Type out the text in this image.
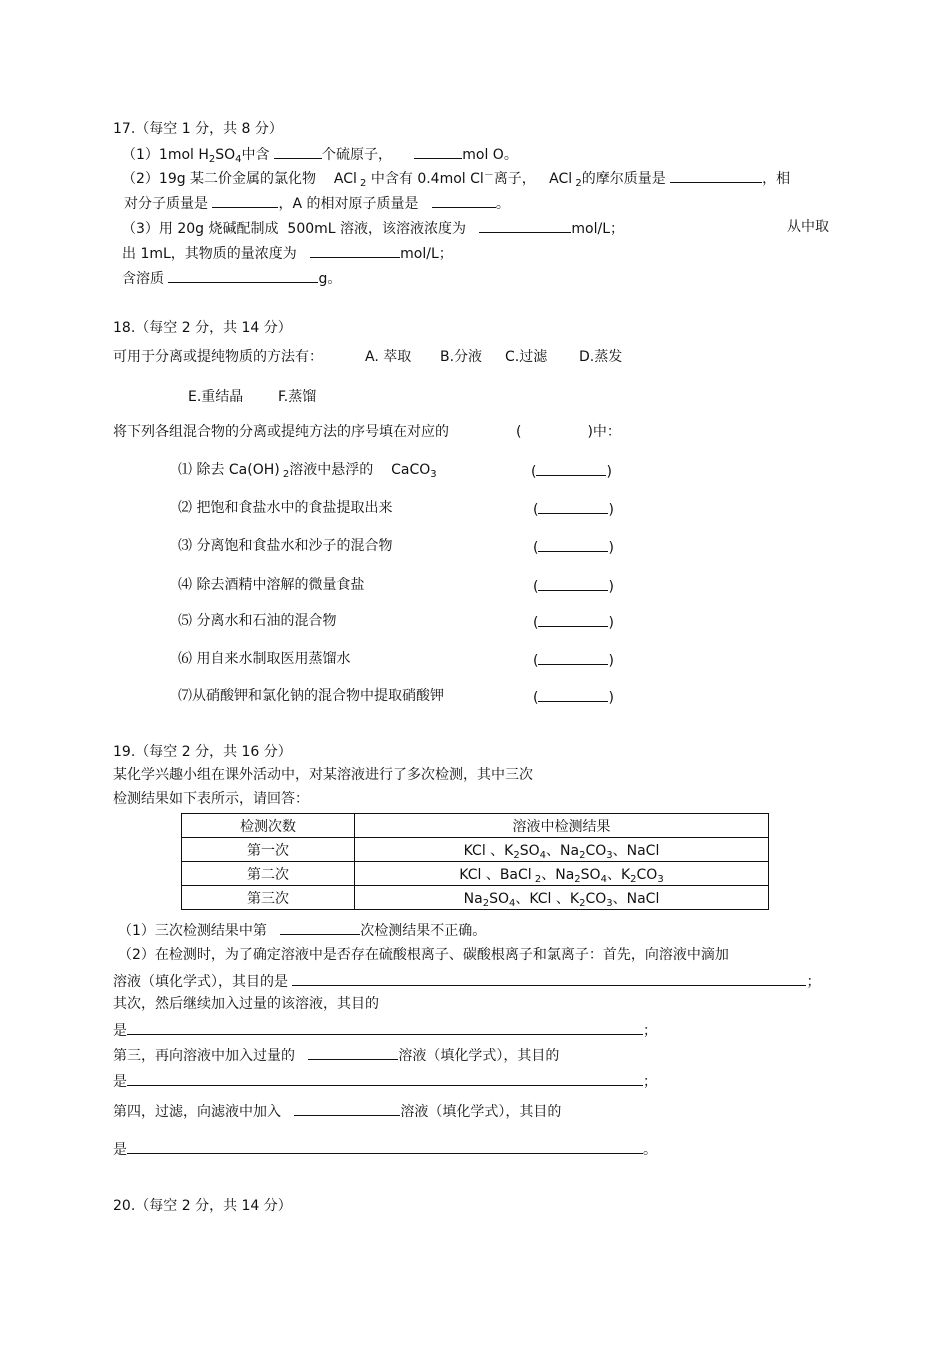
17.（每空 1 分，共 8 分）
（1）1mol $H_2SO_4$中含	个硫原子，	mol O。
（2）19g 某二价金属的氯化物 ACl $_2$ 中含有 0.4mol Cl－离子， ACl $_2$的摩尔质量是	，相
对分子质量是	，A 的相对原子质量是	。
（3）用 20g 烧碱配制成 500mL 溶液，该溶液浓度为	mol/L；	从中取
出 1mL，其物质的量浓度为	mol/L；
含溶质	g。
18.（每空 2 分，共 14 分）
可用于分离或提纯物质的方法有：	A. 萃取 B.分液 C.过滤 D.蒸发
E.重结晶 F.蒸馏
将下列各组混合物的分离或提纯方法的序号填在对应的	(	)中：
⑴ 除去 Ca(OH) $_2$溶液中悬浮的 CaCO$_3$	(	)
⑵ 把饱和食盐水中的食盐提取出来	(	)
⑶ 分离饱和食盐水和沙子的混合物	(	)
⑷ 除去酒精中溶解的微量食盐	(	)
⑸ 分离水和石油的混合物	(	)
⑹ 用自来水制取医用蒸馏水	(	)
⑺从硝酸钾和氯化钠的混合物中提取硝酸钾	(	)
19.（每空 2 分，共 16 分）
某化学兴趣小组在课外活动中，对某溶液进行了多次检测，其中三次
检测结果如下表所示，请回答：
检测次数	溶液中检测结果
第一次	KCl 、$K_2SO_4$、$Na_2CO_3$、NaCl
第二次	KCl 、BaCl $_2$、$Na_2SO_4$、$K_2CO_3$
第三次	$Na_2SO_4$、KCl 、$K_2CO_3$、NaCl
（1）三次检测结果中第	次检测结果不正确。
（2）在检测时，为了确定溶液中是否存在硫酸根离子、碳酸根离子和氯离子：首先，向溶液中滴加
溶液（填化学式），其目的是	；
其次，然后继续加入过量的该溶液，其目的
是	；
第三，再向溶液中加入过量的	溶液（填化学式），其目的
是	；
第四，过滤，向滤液中加入	溶液（填化学式），其目的
是	。
20.（每空 2 分，共 14 分）
